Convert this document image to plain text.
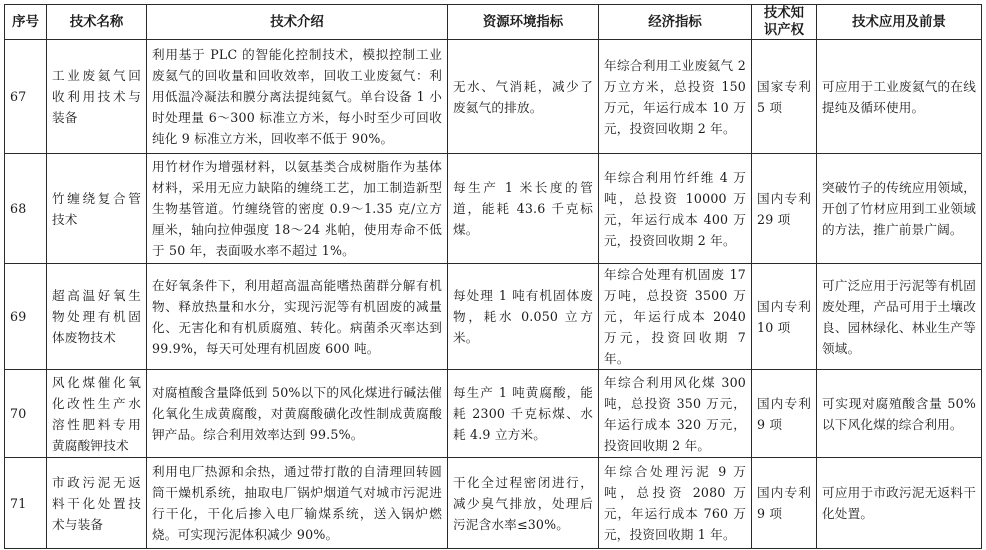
序号	技术名称	技术介绍	资源环境指标	经济指标	技术知识产权	技术应用及前景
67	工业废氦气回收利用技术与装备	利用基于 PLC 的智能化控制技术，模拟控制工业废氦气的回收量和回收效率，回收工业废氦气：利用低温冷凝法和膜分离法提纯氦气。单台设备 1 小时处理量 6～300 标准立方米，每小时至少可回收纯化 9 标准立方米，回收率不低于 90%。	无水、气消耗，减少了废氦气的排放。	年综合利用工业废氦气 2 万立方米，总投资 150 万元，年运行成本 10 万元，投资回收期 2 年。	国家专利 5 项	可应用于工业废氦气的在线提纯及循环使用。
68	竹缠绕复合管技术	用竹材作为增强材料，以氨基类合成树脂作为基体材料，采用无应力缺陷的缠绕工艺，加工制造新型生物基管道。竹缠绕管的密度 0.9～1.35 克/立方厘米，轴向拉伸强度 18～24 兆帕，使用寿命不低于 50 年，表面吸水率不超过 1%。	每生产 1 米长度的管道，能耗 43.6 千克标煤。	年综合利用竹纤维 4 万吨，总投资 10000 万元，年运行成本 400 万元，投资回收期 2 年。	国内专利 29 项	突破竹子的传统应用领域，开创了竹材应用到工业领域的方法，推广前景广阔。
69	超高温好氧生物处理有机固体废物技术	在好氧条件下，利用超高温高能嗜热菌群分解有机物、释放热量和水分，实现污泥等有机固废的减量化、无害化和有机质腐殖、转化。病菌杀灭率达到 99.9%，每天可处理有机固废 600 吨。	每处理 1 吨有机固体废物，耗水 0.050 立方米。	年综合处理有机固废 17 万吨，总投资 3500 万元，年运行成本 2040 万元，投资回收期 7 年。	国内专利 10 项	可广泛应用于污泥等有机固废处理，产品可用于土壤改良、园林绿化、林业生产等领域。
70	风化煤催化氧化改性生产水溶性肥料专用黄腐酸钾技术	对腐植酸含量降低到 50%以下的风化煤进行碱法催化氧化生成黄腐酸，对黄腐酸磺化改性制成黄腐酸钾产品。综合利用效率达到 99.5%。	每生产 1 吨黄腐酸，能耗 2300 千克标煤、水耗 4.9 立方米。	年综合利用风化煤 300 吨，总投资 350 万元，年运行成本 320 万元，投资回收期 2 年。	国内专利 9 项	可实现对腐殖酸含量 50%以下风化煤的综合利用。
71	市政污泥无返料干化处置技术与装备	利用电厂热源和余热，通过带打散的自清理回转圆筒干燥机系统，抽取电厂锅炉烟道气对城市污泥进行干化，干化后掺入电厂输煤系统，送入锅炉燃烧。可实现污泥体积减少 90%。	干化全过程密闭进行，减少臭气排放，处理后污泥含水率≤30%。	年综合处理污泥 9 万吨，总投资 2080 万元，年运行成本 760 万元，投资回收期 1 年。	国内专利 9 项	可应用于市政污泥无返料干化处置。
